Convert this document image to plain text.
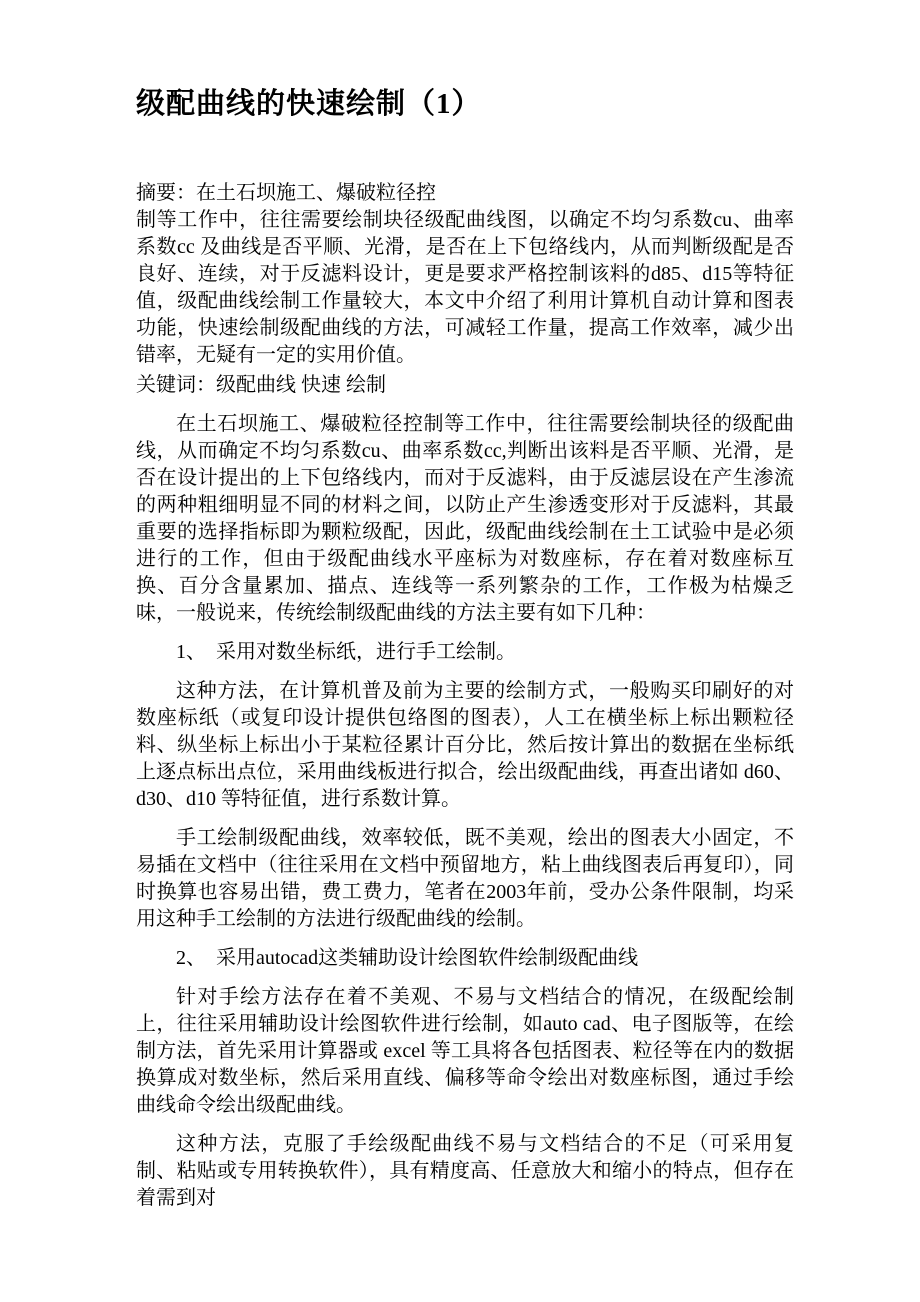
级配曲线的快速绘制（1）

摘要：在土石坝施工、爆破粒径控

制等工作中，往往需要绘制块径级配曲线图，以确定不均匀系数cu、曲率系数cc 及曲线是否平顺、光滑，是否在上下包络线内，从而判断级配是否良好、连续，对于反滤料设计，更是要求严格控制该料的d85、d15等特征值，级配曲线绘制工作量较大，本文中介绍了利用计算机自动计算和图表功能，快速绘制级配曲线的方法，可减轻工作量，提高工作效率，减少出错率，无疑有一定的实用价值。

关键词：级配曲线 快速 绘制

在土石坝施工、爆破粒径控制等工作中，往往需要绘制块径的级配曲线，从而确定不均匀系数cu、曲率系数cc,判断出该料是否平顺、光滑，是否在设计提出的上下包络线内，而对于反滤料，由于反滤层设在产生渗流的两种粗细明显不同的材料之间，以防止产生渗透变形对于反滤料，其最重要的选择指标即为颗粒级配，因此，级配曲线绘制在土工试验中是必须进行的工作，但由于级配曲线水平座标为对数座标，存在着对数座标互换、百分含量累加、描点、连线等一系列繁杂的工作，工作极为枯燥乏味，一般说来，传统绘制级配曲线的方法主要有如下几种：

1、　采用对数坐标纸，进行手工绘制。

这种方法，在计算机普及前为主要的绘制方式，一般购买印刷好的对数座标纸（或复印设计提供包络图的图表），人工在横坐标上标出颗粒径料、纵坐标上标出小于某粒径累计百分比，然后按计算出的数据在坐标纸上逐点标出点位，采用曲线板进行拟合，绘出级配曲线，再查出诸如 d60、d30、d10 等特征值，进行系数计算。

手工绘制级配曲线，效率较低，既不美观，绘出的图表大小固定，不易插在文档中（往往采用在文档中预留地方，粘上曲线图表后再复印），同时换算也容易出错，费工费力，笔者在2003年前，受办公条件限制，均采用这种手工绘制的方法进行级配曲线的绘制。

2、　采用autocad这类辅助设计绘图软件绘制级配曲线

针对手绘方法存在着不美观、不易与文档结合的情况，在级配绘制上，往往采用辅助设计绘图软件进行绘制，如auto cad、电子图版等，在绘制方法，首先采用计算器或 excel 等工具将各包括图表、粒径等在内的数据换算成对数坐标，然后采用直线、偏移等命令绘出对数座标图，通过手绘曲线命令绘出级配曲线。

这种方法，克服了手绘级配曲线不易与文档结合的不足（可采用复制、粘贴或专用转换软件），具有精度高、任意放大和缩小的特点，但存在着需到对
